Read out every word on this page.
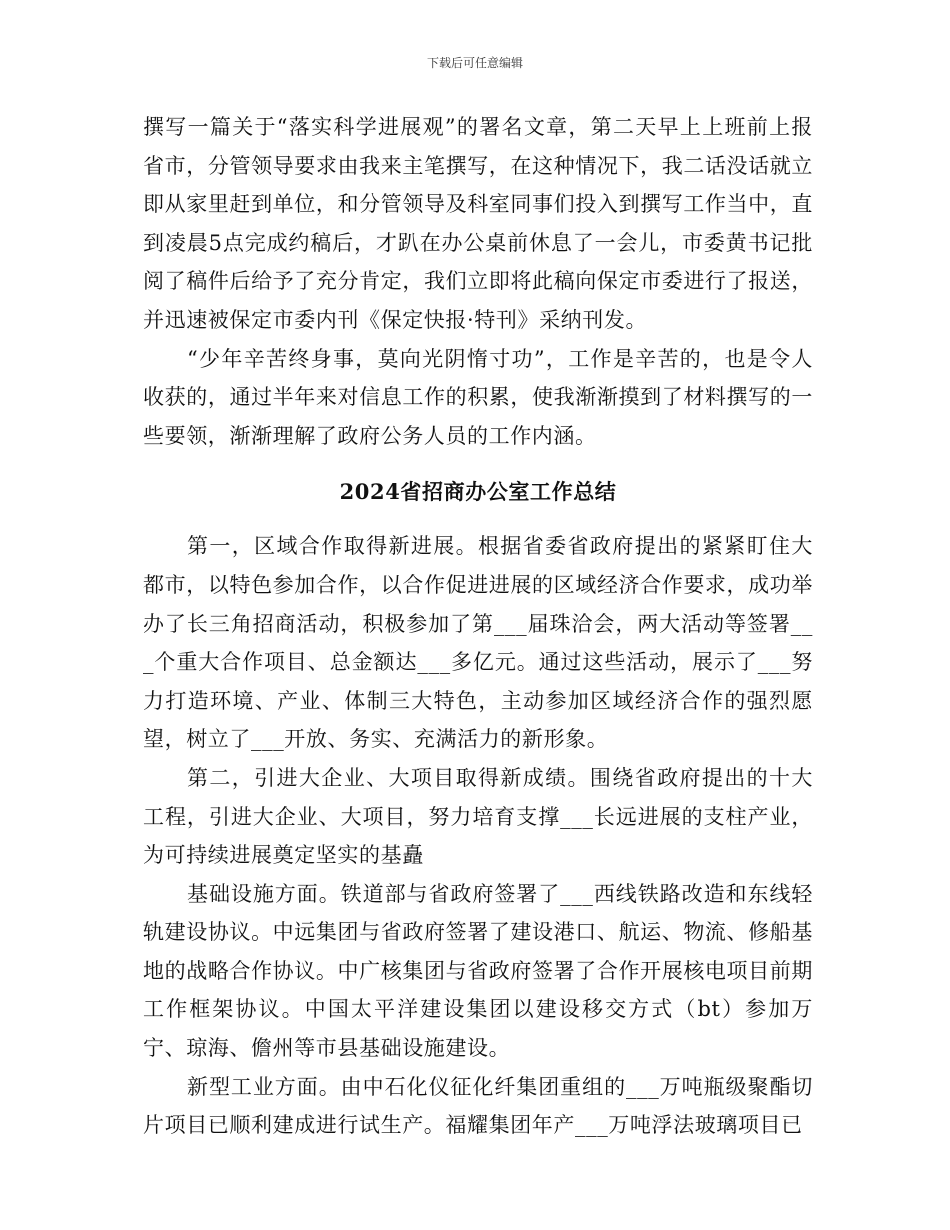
下载后可任意编辑

撰写一篇关于“落实科学进展观”的署名文章，第二天早上上班前上报省市，分管领导要求由我来主笔撰写，在这种情况下，我二话没话就立即从家里赶到单位，和分管领导及科室同事们投入到撰写工作当中，直到凌晨5点完成约稿后，才趴在办公桌前休息了一会儿，市委黄书记批阅了稿件后给予了充分肯定，我们立即将此稿向保定市委进行了报送，并迅速被保定市委内刊《保定快报·特刊》采纳刊发。

“少年辛苦终身事，莫向光阴惰寸功”，工作是辛苦的，也是令人收获的，通过半年来对信息工作的积累，使我渐渐摸到了材料撰写的一些要领，渐渐理解了政府公务人员的工作内涵。

2024省招商办公室工作总结

第一，区域合作取得新进展。根据省委省政府提出的紧紧盯住大都市，以特色参加合作，以合作促进进展的区域经济合作要求，成功举办了长三角招商活动，积极参加了第___届珠洽会，两大活动等签署___个重大合作项目、总金额达___多亿元。通过这些活动，展示了___努力打造环境、产业、体制三大特色，主动参加区域经济合作的强烈愿望，树立了___开放、务实、充满活力的新形象。

第二，引进大企业、大项目取得新成绩。围绕省政府提出的十大工程，引进大企业、大项目，努力培育支撑___长远进展的支柱产业，为可持续进展奠定坚实的基矗

基础设施方面。铁道部与省政府签署了___西线铁路改造和东线轻轨建设协议。中远集团与省政府签署了建设港口、航运、物流、修船基地的战略合作协议。中广核集团与省政府签署了合作开展核电项目前期工作框架协议。中国太平洋建设集团以建设移交方式（bt）参加万宁、琼海、儋州等市县基础设施建设。

新型工业方面。由中石化仪征化纤集团重组的___万吨瓶级聚酯切片项目已顺利建成进行试生产。福耀集团年产___万吨浮法玻璃项目已
